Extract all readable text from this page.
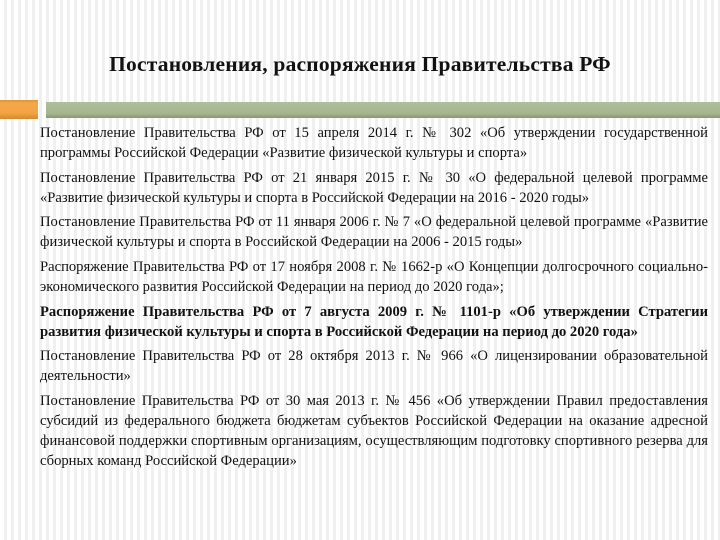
Постановления, распоряжения Правительства РФ

Постановление Правительства РФ от 15 апреля 2014 г. № 302 «Об утверждении государственной программы Российской Федерации «Развитие физической культуры и спорта»

Постановление Правительства РФ от 21 января 2015 г. № 30 «О федеральной целевой программе «Развитие физической культуры и спорта в Российской Федерации на 2016 - 2020 годы»

Постановление Правительства РФ от 11 января 2006 г. № 7 «О федеральной целевой программе «Развитие физической культуры и спорта в Российской Федерации на 2006 - 2015 годы»

Распоряжение Правительства РФ от 17 ноября 2008 г. № 1662-р «О Концепции долгосрочного социально-экономического развития Российской Федерации на период до 2020 года»;

Распоряжение Правительства РФ от 7 августа 2009 г. № 1101-р «Об утверждении Стратегии развития физической культуры и спорта в Российской Федерации на период до 2020 года»

Постановление Правительства РФ от 28 октября 2013 г. № 966 «О лицензировании образовательной деятельности»

Постановление Правительства РФ от 30 мая 2013 г. № 456 «Об утверждении Правил предоставления субсидий из федерального бюджета бюджетам субъектов Российской Федерации на оказание адресной финансовой поддержки спортивным организациям, осуществляющим подготовку спортивного резерва для сборных команд Российской Федерации»
